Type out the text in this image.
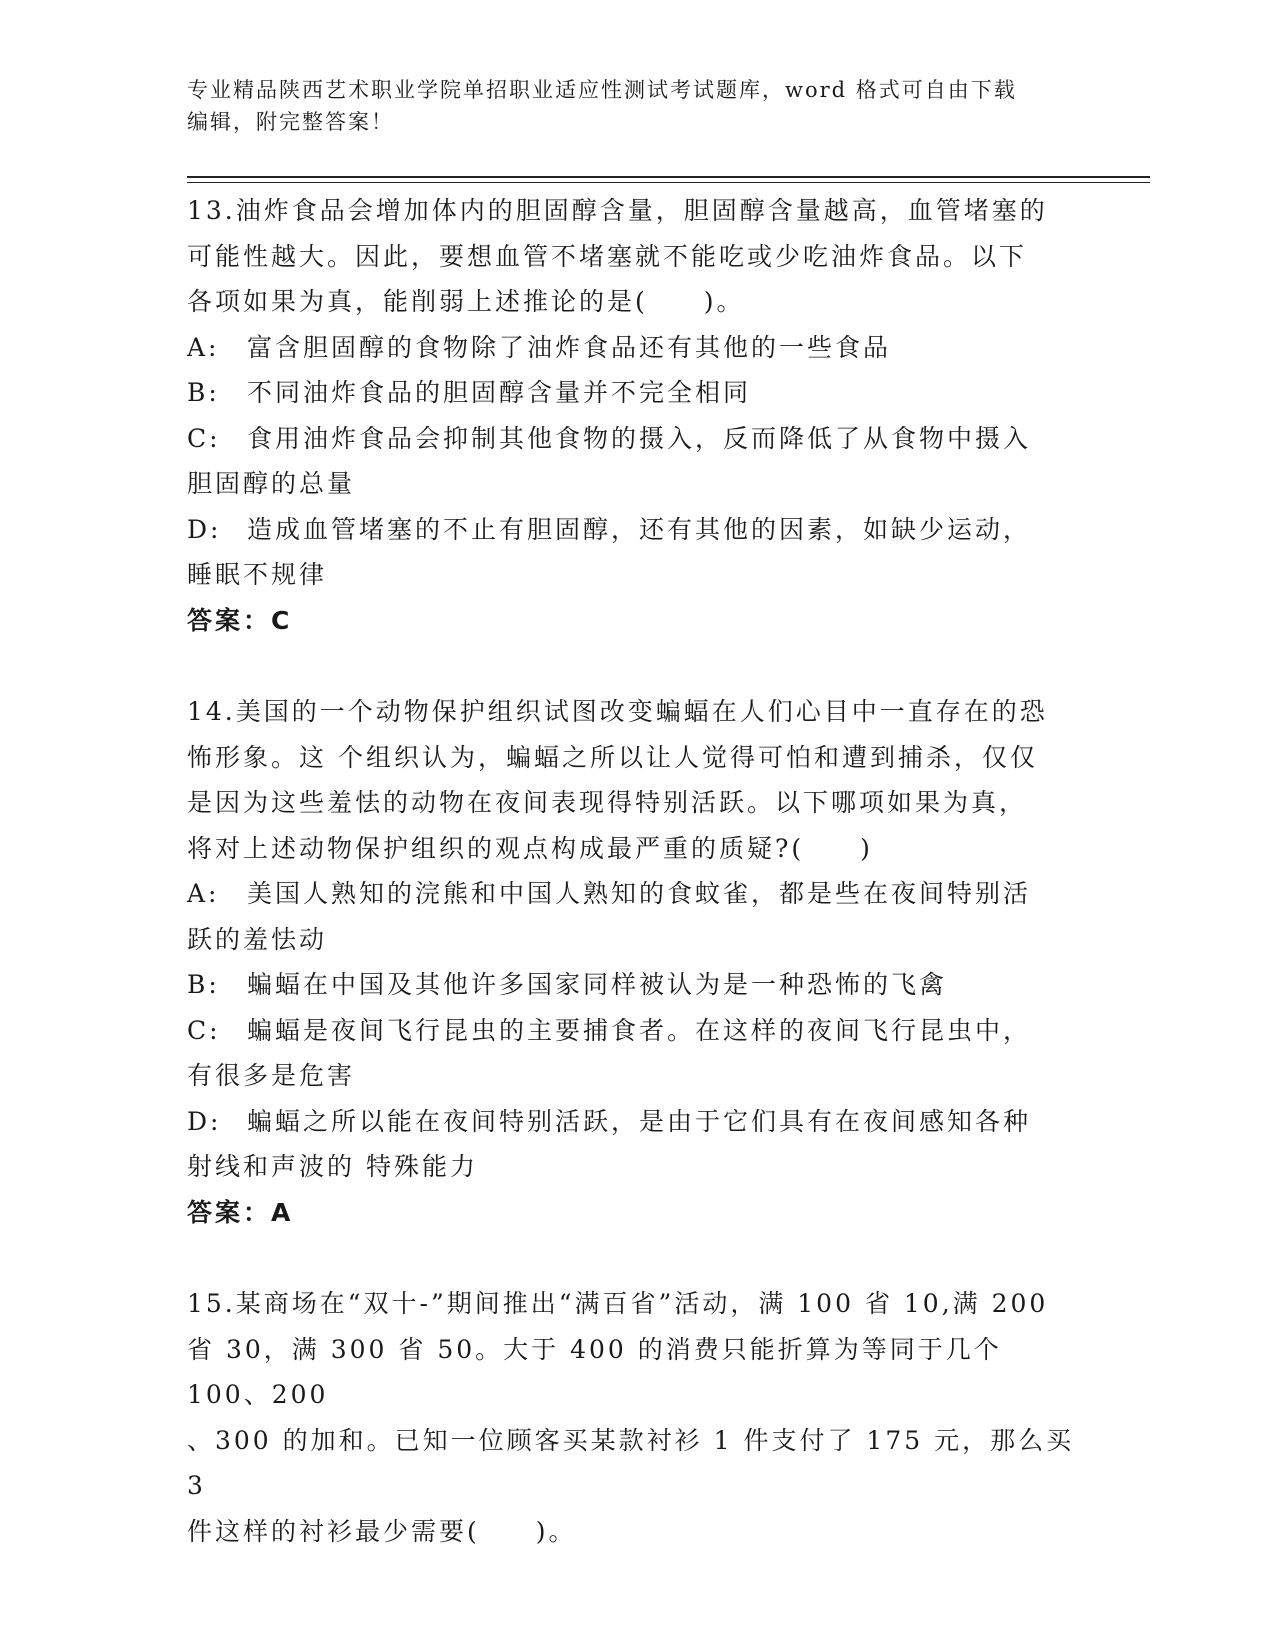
专业精品陕西艺术职业学院单招职业适应性测试考试题库，word 格式可自由下载
编辑，附完整答案！

13.油炸食品会增加体内的胆固醇含量，胆固醇含量越高，血管堵塞的

可能性越大。因此，要想血管不堵塞就不能吃或少吃油炸食品。以下

各项如果为真，能削弱上述推论的是(　　)。

A: 富含胆固醇的食物除了油炸食品还有其他的一些食品

B: 不同油炸食品的胆固醇含量并不完全相同

C: 食用油炸食品会抑制其他食物的摄入，反而降低了从食物中摄入

胆固醇的总量

D: 造成血管堵塞的不止有胆固醇，还有其他的因素，如缺少运动，

睡眠不规律

答案：C

14.美国的一个动物保护组织试图改变蝙蝠在人们心目中一直存在的恐

怖形象。这 个组织认为，蝙蝠之所以让人觉得可怕和遭到捕杀，仅仅

是因为这些羞怯的动物在夜间表现得特别活跃。以下哪项如果为真，

将对上述动物保护组织的观点构成最严重的质疑?(　　)

A: 美国人熟知的浣熊和中国人熟知的食蚊雀，都是些在夜间特别活

跃的羞怯动

B: 蝙蝠在中国及其他许多国家同样被认为是一种恐怖的飞禽

C: 蝙蝠是夜间飞行昆虫的主要捕食者。在这样的夜间飞行昆虫中，

有很多是危害

D: 蝙蝠之所以能在夜间特别活跃，是由于它们具有在夜间感知各种

射线和声波的 特殊能力

答案：A

15.某商场在“双十-”期间推出“满百省”活动，满 100 省 10,满 200

省 30，满 300 省 50。大于 400 的消费只能折算为等同于几个 100、200

、300 的加和。已知一位顾客买某款衬衫 1 件支付了 175 元，那么买 3

件这样的衬衫最少需要(　　)。
